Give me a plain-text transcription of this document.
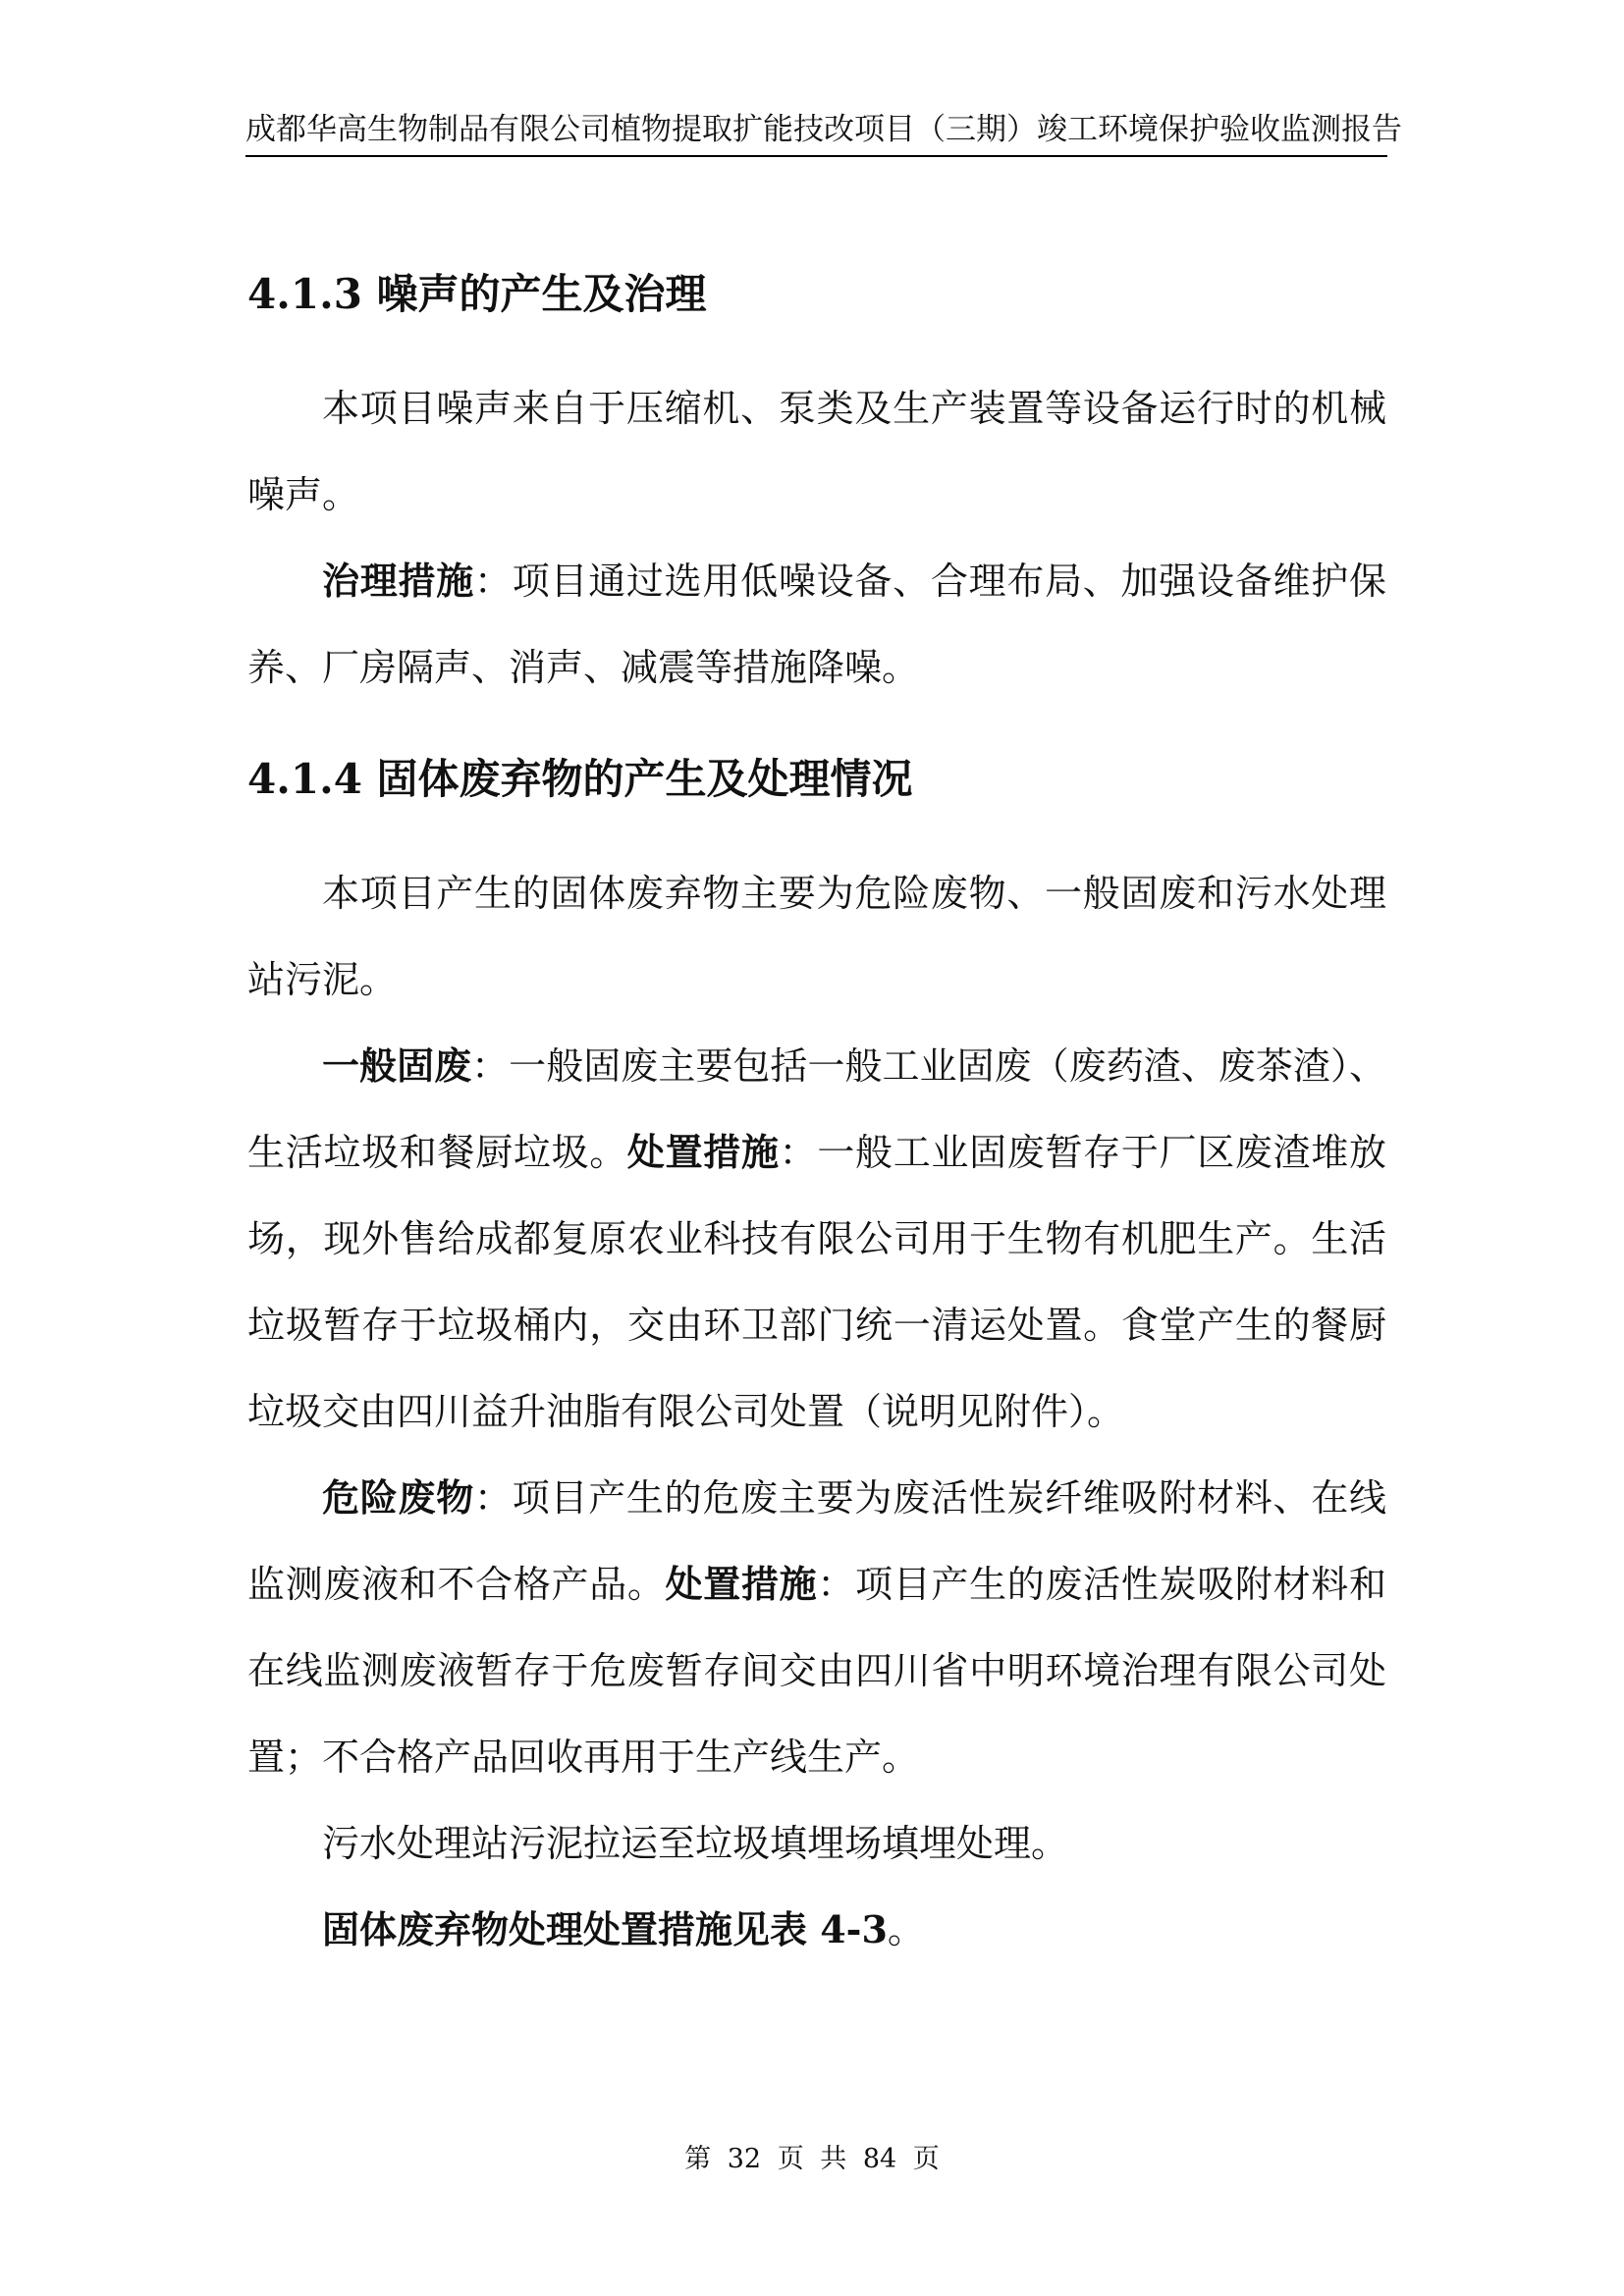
成都华高生物制品有限公司植物提取扩能技改项目（三期）竣工环境保护验收监测报告
4.1.3 噪声的产生及治理

本项目噪声来自于压缩机、泵类及生产装置等设备运行时的机械噪声。

治理措施：项目通过选用低噪设备、合理布局、加强设备维护保养、厂房隔声、消声、减震等措施降噪。

4.1.4 固体废弃物的产生及处理情况

本项目产生的固体废弃物主要为危险废物、一般固废和污水处理站污泥。

一般固废：一般固废主要包括一般工业固废（废药渣、废茶渣）、生活垃圾和餐厨垃圾。处置措施：一般工业固废暂存于厂区废渣堆放场，现外售给成都复原农业科技有限公司用于生物有机肥生产。生活垃圾暂存于垃圾桶内，交由环卫部门统一清运处置。食堂产生的餐厨垃圾交由四川益升油脂有限公司处置（说明见附件）。

危险废物：项目产生的危废主要为废活性炭纤维吸附材料、在线监测废液和不合格产品。处置措施：项目产生的废活性炭吸附材料和在线监测废液暂存于危废暂存间交由四川省中明环境治理有限公司处置；不合格产品回收再用于生产线生产。

污水处理站污泥拉运至垃圾填埋场填埋处理。

固体废弃物处理处置措施见表 4-3。

第 32 页 共 84 页
